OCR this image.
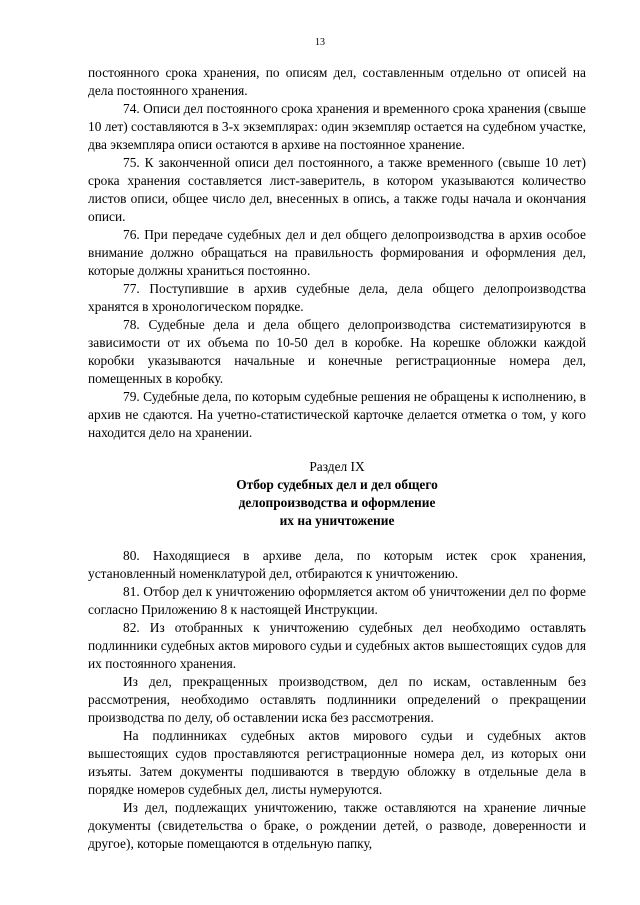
13

постоянного срока хранения, по описям дел, составленным отдельно от описей на дела постоянного хранения.

74. Описи дел постоянного срока хранения и временного срока хранения (свыше 10 лет) составляются в 3-х экземплярах: один экземпляр остается на судебном участке, два экземпляра описи остаются в архиве на постоянное хранение.

75. К законченной описи дел постоянного, а также временного (свыше 10 лет) срока хранения составляется лист-заверитель, в котором указываются количество листов описи, общее число дел, внесенных в опись, а также годы начала и окончания описи.

76. При передаче судебных дел и дел общего делопроизводства в архив особое внимание должно обращаться на правильность формирования и оформления дел, которые должны храниться постоянно.

77. Поступившие в архив судебные дела, дела общего делопроизводства хранятся в хронологическом порядке.

78. Судебные дела и дела общего делопроизводства систематизируются в зависимости от их объема по 10-50 дел в коробке. На корешке обложки каждой коробки указываются начальные и конечные регистрационные номера дел, помещенных в коробку.

79. Судебные дела, по которым судебные решения не обращены к исполнению, в архив не сдаются. На учетно-статистической карточке делается отметка о том, у кого находится дело на хранении.

Раздел IX
Отбор судебных дел и дел общего
делопроизводства и оформление
их на уничтожение

80. Находящиеся в архиве дела, по которым истек срок хранения, установленный номенклатурой дел, отбираются к уничтожению.

81. Отбор дел к уничтожению оформляется актом об уничтожении дел по форме согласно Приложению 8 к настоящей Инструкции.

82. Из отобранных к уничтожению судебных дел необходимо оставлять подлинники судебных актов мирового судьи и судебных актов вышестоящих судов для их постоянного хранения.

Из дел, прекращенных производством, дел по искам, оставленным без рассмотрения, необходимо оставлять подлинники определений о прекращении производства по делу, об оставлении иска без рассмотрения.

На подлинниках судебных актов мирового судьи и судебных актов вышестоящих судов проставляются регистрационные номера дел, из которых они изъяты. Затем документы подшиваются в твердую обложку в отдельные дела в порядке номеров судебных дел, листы нумеруются.

Из дел, подлежащих уничтожению, также оставляются на хранение личные документы (свидетельства о браке, о рождении детей, о разводе, доверенности и другое), которые помещаются в отдельную папку,
